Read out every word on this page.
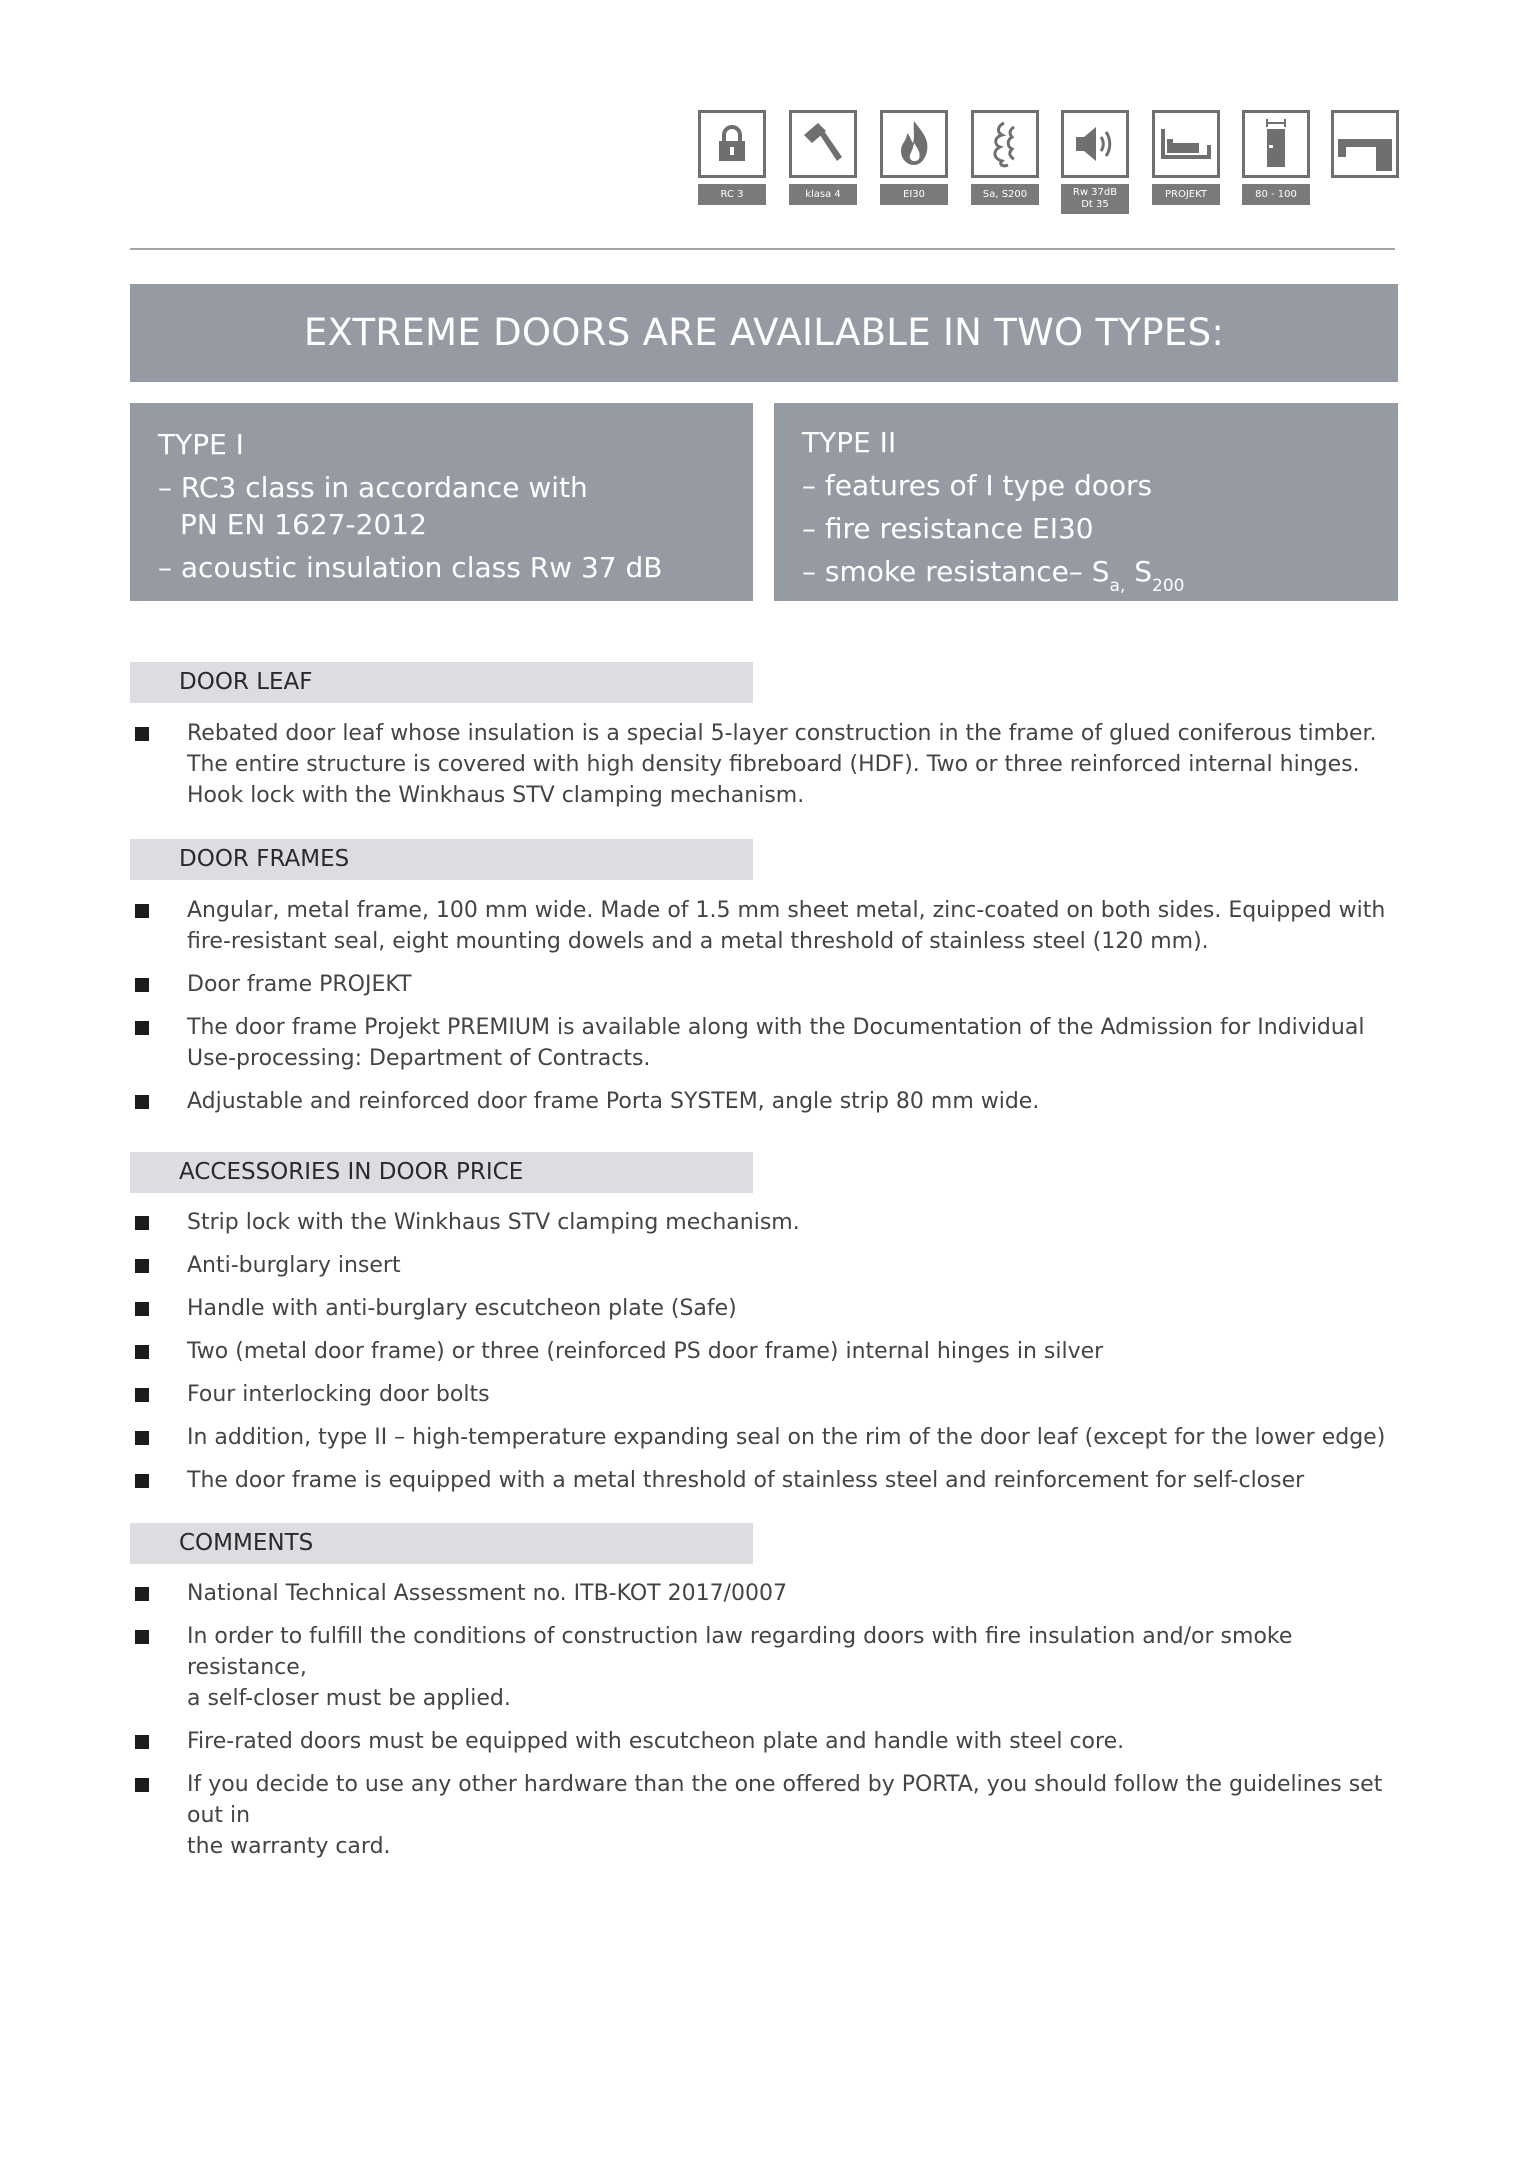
RC 3	klasa 4	EI30	Sa, S200	Rw 37dB
Dt 35
PROJEKT	80 - 100
EXTREME DOORS ARE AVAILABLE IN TWO TYPES:
TYPE I
– RC3 class in accordance with
PN EN 1627-2012
– acoustic insulation class Rw 37 dB
TYPE II
– features of I type doors
– fire resistance EI30
– smoke resistance– $S_{a,}$ $S_{200}$
DOOR LEAF
Rebated door leaf whose insulation is a special 5-layer construction in the frame of glued coniferous timber.
The entire structure is covered with high density fibreboard (HDF). Two or three reinforced internal hinges.
Hook lock with the Winkhaus STV clamping mechanism.
DOOR FRAMES
Angular, metal frame, 100 mm wide. Made of 1.5 mm sheet metal, zinc-coated on both sides. Equipped with
fire-resistant seal, eight mounting dowels and a metal threshold of stainless steel (120 mm).
Door frame PROJEKT
The door frame Projekt PREMIUM is available along with the Documentation of the Admission for Individual
Use-processing: Department of Contracts.
Adjustable and reinforced door frame Porta SYSTEM, angle strip 80 mm wide.
ACCESSORIES IN DOOR PRICE
Strip lock with the Winkhaus STV clamping mechanism.
Anti-burglary insert
Handle with anti-burglary escutcheon plate (Safe)
Two (metal door frame) or three (reinforced PS door frame) internal hinges in silver
Four interlocking door bolts
In addition, type II – high-temperature expanding seal on the rim of the door leaf (except for the lower edge)
The door frame is equipped with a metal threshold of stainless steel and reinforcement for self-closer
COMMENTS
National Technical Assessment no. ITB-KOT 2017/0007
In order to fulfill the conditions of construction law regarding doors with fire insulation and/or smoke resistance,
a self-closer must be applied.
Fire-rated doors must be equipped with escutcheon plate and handle with steel core.
If you decide to use any other hardware than the one offered by PORTA, you should follow the guidelines set out in
the warranty card.
